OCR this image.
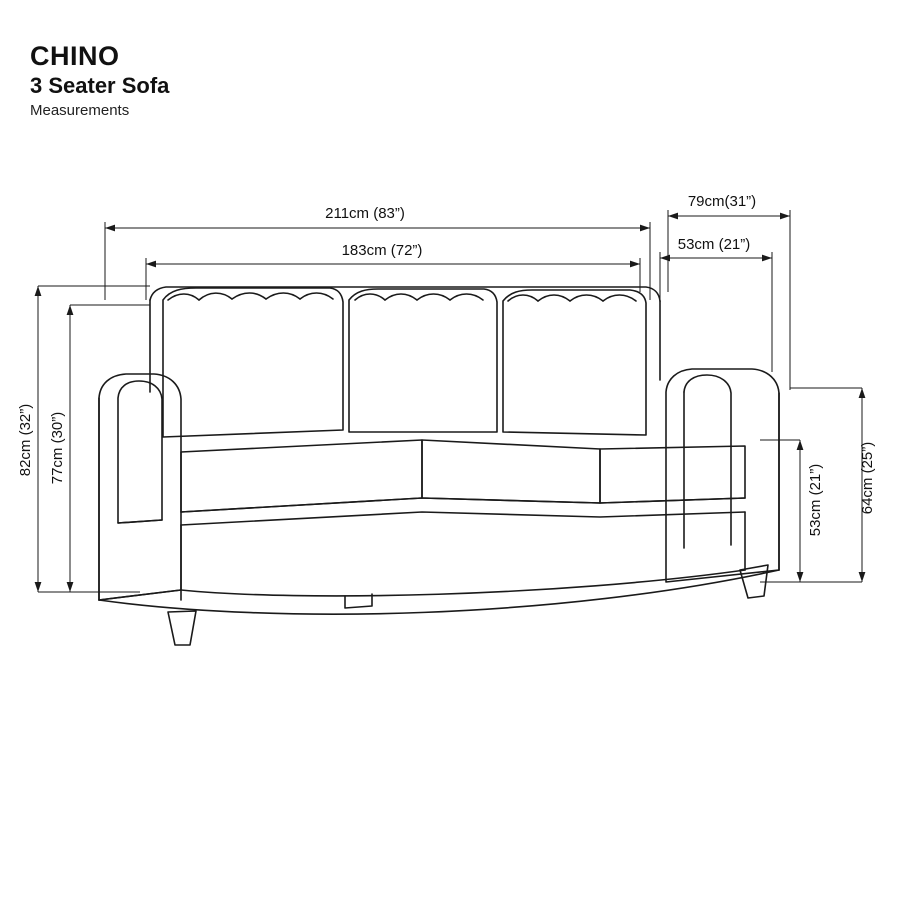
CHINO
3 Seater Sofa
Measurements
211cm (83”)
183cm (72”)
79cm(31”)
53cm (21”)
82cm (32”) 77cm (30”)	64cm (25”)
53cm (21”)
